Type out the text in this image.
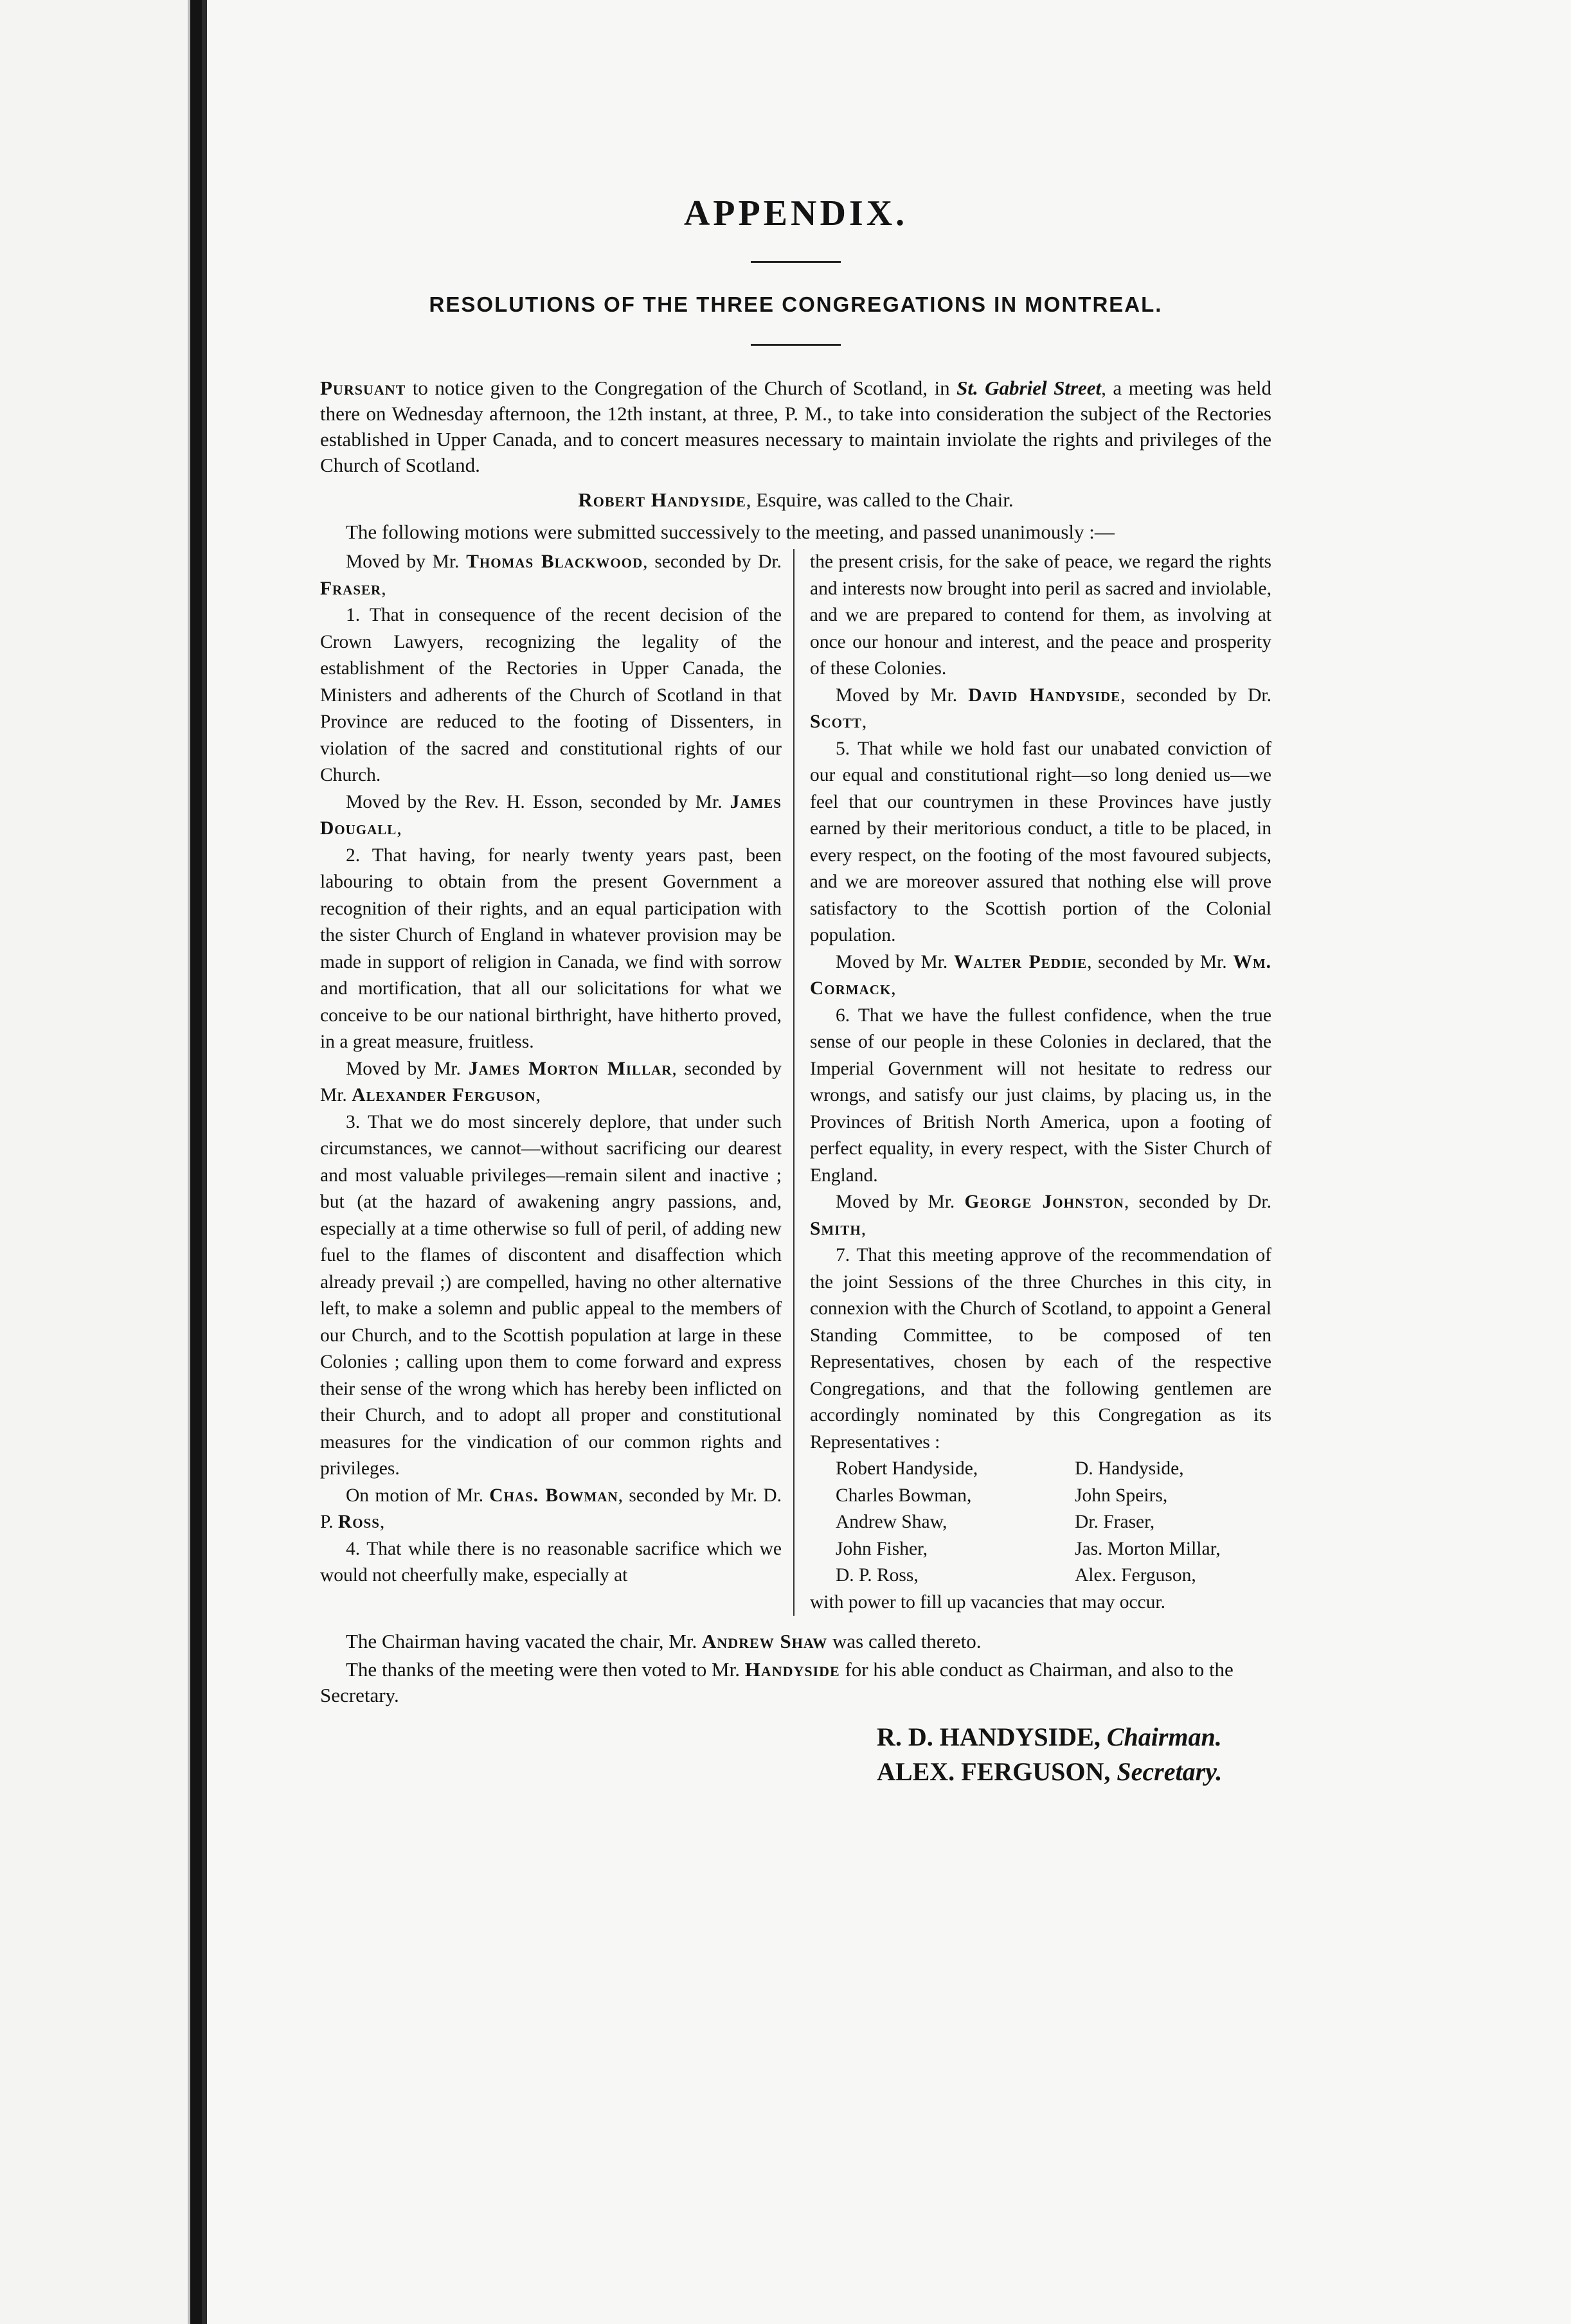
APPENDIX.
RESOLUTIONS OF THE THREE CONGREGATIONS IN MONTREAL.

Pursuant to notice given to the Congregation of the Church of Scotland, in St. Gabriel Street, a meeting was held there on Wednesday afternoon, the 12th instant, at three, P. M., to take into consideration the subject of the Rectories established in Upper Canada, and to concert measures necessary to maintain inviolate the rights and privileges of the Church of Scotland.

Robert Handyside, Esquire, was called to the Chair.
The following motions were submitted successively to the meeting, and passed unanimously :—

Moved by Mr. Thomas Blackwood, seconded by Dr. Fraser,

1. That in consequence of the recent decision of the Crown Lawyers, recognizing the legality of the establishment of the Rectories in Upper Canada, the Ministers and adherents of the Church of Scotland in that Province are reduced to the footing of Dissenters, in violation of the sacred and constitutional rights of our Church.

Moved by the Rev. H. Esson, seconded by Mr. James Dougall,

2. That having, for nearly twenty years past, been labouring to obtain from the present Government a recognition of their rights, and an equal participation with the sister Church of England in whatever provision may be made in support of religion in Canada, we find with sorrow and mortification, that all our solicitations for what we conceive to be our national birthright, have hitherto proved, in a great measure, fruitless.

Moved by Mr. James Morton Millar, seconded by Mr. Alexander Ferguson,

3. That we do most sincerely deplore, that under such circumstances, we cannot—without sacrificing our dearest and most valuable privileges—remain silent and inactive ; but (at the hazard of awakening angry passions, and, especially at a time otherwise so full of peril, of adding new fuel to the flames of discontent and disaffection which already prevail ;) are compelled, having no other alternative left, to make a solemn and public appeal to the members of our Church, and to the Scottish population at large in these Colonies ; calling upon them to come forward and express their sense of the wrong which has hereby been inflicted on their Church, and to adopt all proper and constitutional measures for the vindication of our common rights and privileges.

On motion of Mr. Chas. Bowman, seconded by Mr. D. P. Ross,

4. That while there is no reasonable sacrifice which we would not cheerfully make, especially at

the present crisis, for the sake of peace, we regard the rights and interests now brought into peril as sacred and inviolable, and we are prepared to contend for them, as involving at once our honour and interest, and the peace and prosperity of these Colonies.

Moved by Mr. David Handyside, seconded by Dr. Scott,

5. That while we hold fast our unabated conviction of our equal and constitutional right—so long denied us—we feel that our countrymen in these Provinces have justly earned by their meritorious conduct, a title to be placed, in every respect, on the footing of the most favoured subjects, and we are moreover assured that nothing else will prove satisfactory to the Scottish portion of the Colonial population.

Moved by Mr. Walter Peddie, seconded by Mr. Wm. Cormack,

6. That we have the fullest confidence, when the true sense of our people in these Colonies in declared, that the Imperial Government will not hesitate to redress our wrongs, and satisfy our just claims, by placing us, in the Provinces of British North America, upon a footing of perfect equality, in every respect, with the Sister Church of England.

Moved by Mr. George Johnston, seconded by Dr. Smith,

7. That this meeting approve of the recommendation of the joint Sessions of the three Churches in this city, in connexion with the Church of Scotland, to appoint a General Standing Committee, to be composed of ten Representatives, chosen by each of the respective Congregations, and that the following gentlemen are accordingly nominated by this Congregation as its Representatives :

Robert Handyside,	D. Handyside,
Charles Bowman,	John Speirs,
Andrew Shaw,	Dr. Fraser,
John Fisher,	Jas. Morton Millar,
D. P. Ross,	Alex. Ferguson,

with power to fill up vacancies that may occur.

The Chairman having vacated the chair, Mr. Andrew Shaw was called thereto.

The thanks of the meeting were then voted to Mr. Handyside for his able conduct as Chairman, and also to the Secretary.

R. D. HANDYSIDE, Chairman.
ALEX. FERGUSON, Secretary.
